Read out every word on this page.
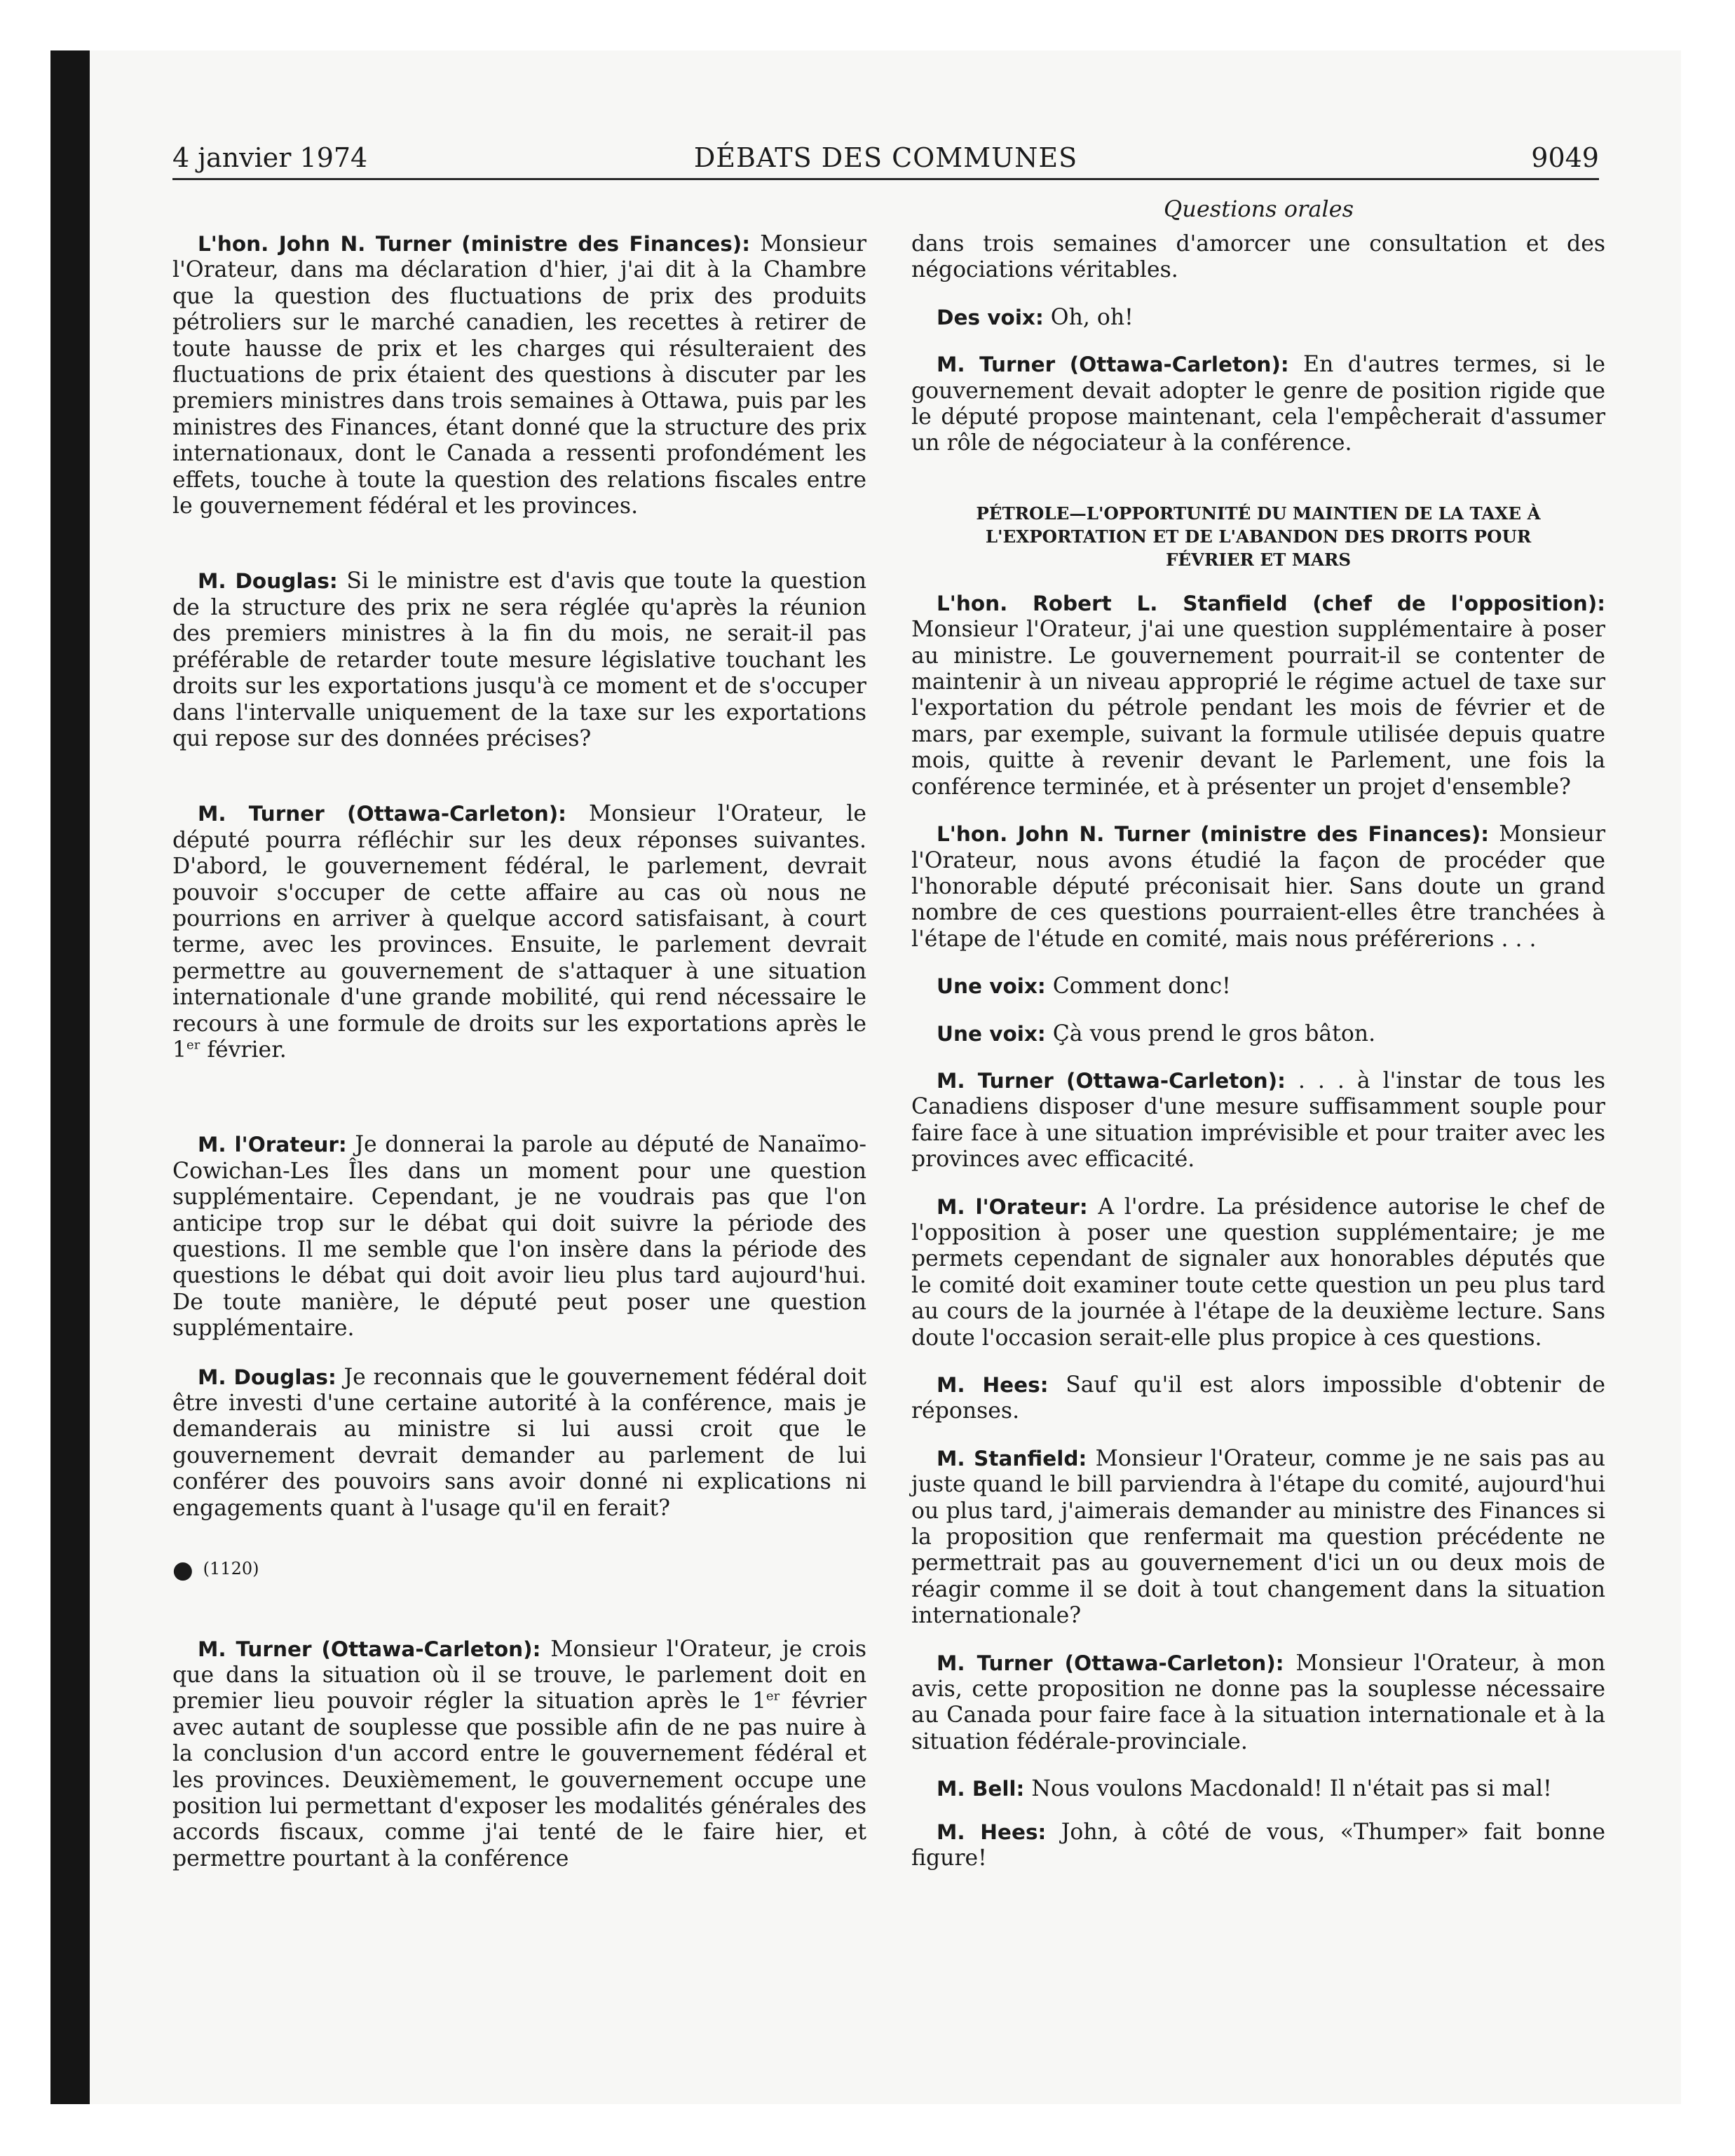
4 janvier 1974	DÉBATS DES COMMUNES	9049
Questions orales

L'hon. John N. Turner (ministre des Finances): Monsieur l'Orateur, dans ma déclaration d'hier, j'ai dit à la Chambre que la question des fluctuations de prix des produits pétroliers sur le marché canadien, les recettes à retirer de toute hausse de prix et les charges qui résulteraient des fluctuations de prix étaient des questions à discuter par les premiers ministres dans trois semaines à Ottawa, puis par les ministres des Finances, étant donné que la structure des prix internationaux, dont le Canada a ressenti profondément les effets, touche à toute la question des relations fiscales entre le gouvernement fédéral et les provinces.

M. Douglas: Si le ministre est d'avis que toute la question de la structure des prix ne sera réglée qu'après la réunion des premiers ministres à la fin du mois, ne serait-il pas préférable de retarder toute mesure législative touchant les droits sur les exportations jusqu'à ce moment et de s'occuper dans l'intervalle uniquement de la taxe sur les exportations qui repose sur des données précises?

M. Turner (Ottawa-Carleton): Monsieur l'Orateur, le député pourra réfléchir sur les deux réponses suivantes. D'abord, le gouvernement fédéral, le parlement, devrait pouvoir s'occuper de cette affaire au cas où nous ne pourrions en arriver à quelque accord satisfaisant, à court terme, avec les provinces. Ensuite, le parlement devrait permettre au gouvernement de s'attaquer à une situation internationale d'une grande mobilité, qui rend nécessaire le recours à une formule de droits sur les exportations après le 1er février.

M. l'Orateur: Je donnerai la parole au député de Nanaïmo-Cowichan-Les Îles dans un moment pour une question supplémentaire. Cependant, je ne voudrais pas que l'on anticipe trop sur le débat qui doit suivre la période des questions. Il me semble que l'on insère dans la période des questions le débat qui doit avoir lieu plus tard aujourd'hui. De toute manière, le député peut poser une question supplémentaire.

M. Douglas: Je reconnais que le gouvernement fédéral doit être investi d'une certaine autorité à la conférence, mais je demanderais au ministre si lui aussi croit que le gouvernement devrait demander au parlement de lui conférer des pouvoirs sans avoir donné ni explications ni engagements quant à l'usage qu'il en ferait?

● (1120)

M. Turner (Ottawa-Carleton): Monsieur l'Orateur, je crois que dans la situation où il se trouve, le parlement doit en premier lieu pouvoir régler la situation après le 1er février avec autant de souplesse que possible afin de ne pas nuire à la conclusion d'un accord entre le gouvernement fédéral et les provinces. Deuxièmement, le gouvernement occupe une position lui permettant d'exposer les modalités générales des accords fiscaux, comme j'ai tenté de le faire hier, et permettre pourtant à la conférence

dans trois semaines d'amorcer une consultation et des négociations véritables.

Des voix: Oh, oh!

M. Turner (Ottawa-Carleton): En d'autres termes, si le gouvernement devait adopter le genre de position rigide que le député propose maintenant, cela l'empêcherait d'assumer un rôle de négociateur à la conférence.

PÉTROLE—L'OPPORTUNITÉ DU MAINTIEN DE LA TAXE À
L'EXPORTATION ET DE L'ABANDON DES DROITS POUR
FÉVRIER ET MARS

L'hon. Robert L. Stanfield (chef de l'opposition): Monsieur l'Orateur, j'ai une question supplémentaire à poser au ministre. Le gouvernement pourrait-il se contenter de maintenir à un niveau approprié le régime actuel de taxe sur l'exportation du pétrole pendant les mois de février et de mars, par exemple, suivant la formule utilisée depuis quatre mois, quitte à revenir devant le Parlement, une fois la conférence terminée, et à présenter un projet d'ensemble?

L'hon. John N. Turner (ministre des Finances): Monsieur l'Orateur, nous avons étudié la façon de procéder que l'honorable député préconisait hier. Sans doute un grand nombre de ces questions pourraient-elles être tranchées à l'étape de l'étude en comité, mais nous préférerions . . .

Une voix: Comment donc!

Une voix: Çà vous prend le gros bâton.

M. Turner (Ottawa-Carleton): . . . à l'instar de tous les Canadiens disposer d'une mesure suffisamment souple pour faire face à une situation imprévisible et pour traiter avec les provinces avec efficacité.

M. l'Orateur: A l'ordre. La présidence autorise le chef de l'opposition à poser une question supplémentaire; je me permets cependant de signaler aux honorables députés que le comité doit examiner toute cette question un peu plus tard au cours de la journée à l'étape de la deuxième lecture. Sans doute l'occasion serait-elle plus propice à ces questions.

M. Hees: Sauf qu'il est alors impossible d'obtenir de réponses.

M. Stanfield: Monsieur l'Orateur, comme je ne sais pas au juste quand le bill parviendra à l'étape du comité, aujourd'hui ou plus tard, j'aimerais demander au ministre des Finances si la proposition que renfermait ma question précédente ne permettrait pas au gouvernement d'ici un ou deux mois de réagir comme il se doit à tout changement dans la situation internationale?

M. Turner (Ottawa-Carleton): Monsieur l'Orateur, à mon avis, cette proposition ne donne pas la souplesse nécessaire au Canada pour faire face à la situation internationale et à la situation fédérale-provinciale.

M. Bell: Nous voulons Macdonald! Il n'était pas si mal!

M. Hees: John, à côté de vous, «Thumper» fait bonne figure!
